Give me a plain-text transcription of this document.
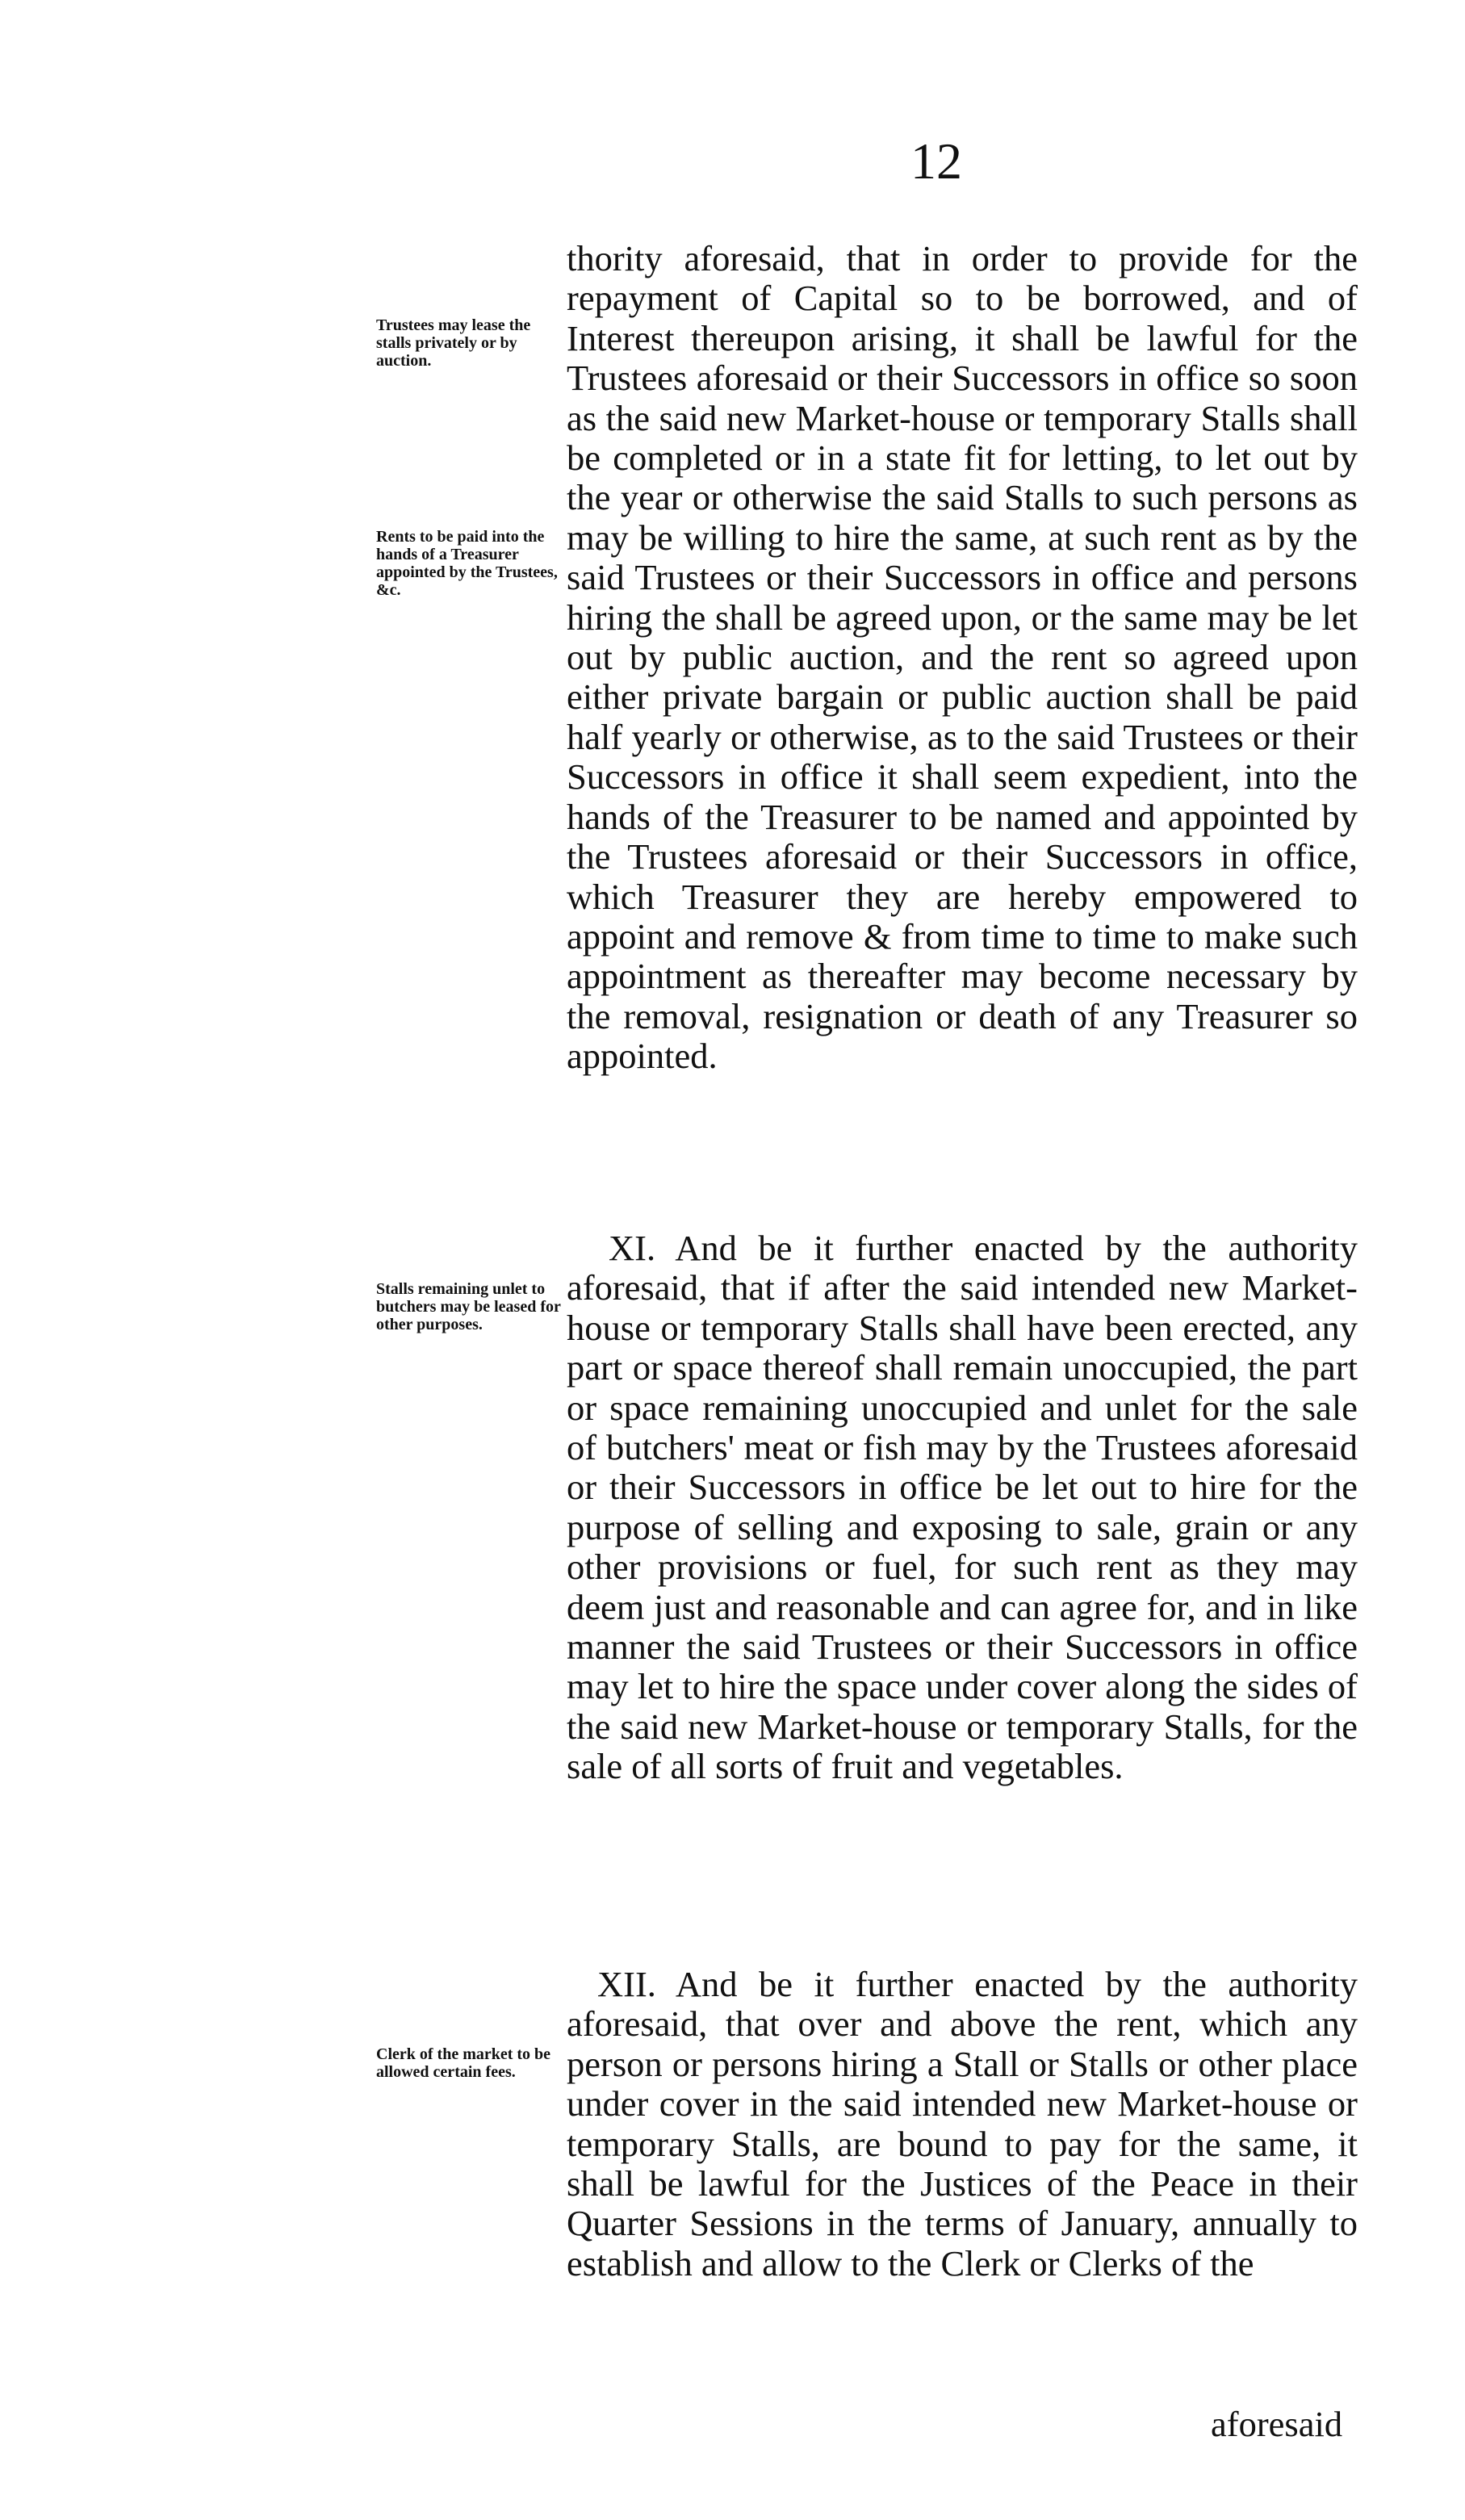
12

Trustees may lease the stalls privately or by auction.

Rents to be paid into the hands of a Treasurer appointed by the Trustees, &c.

Stalls remaining unlet to butchers may be leased for other purposes.

Clerk of the market to be allowed certain fees.

thority aforesaid, that in order to provide for the repayment of Capital so to be borrowed, and of Interest thereupon arising, it shall be lawful for the Trustees aforesaid or their Successors in office so soon as the said new Market-house or temporary Stalls shall be completed or in a state fit for letting, to let out by the year or otherwise the said Stalls to such persons as may be willing to hire the same, at such rent as by the said Trustees or their Successors in office and persons hiring the shall be agreed upon, or the same may be let out by public auction, and the rent so agreed upon either private bargain or public auction shall be paid half yearly or otherwise, as to the said Trustees or their Successors in office it shall seem expedient, into the hands of the Treasurer to be named and appointed by the Trustees aforesaid or their Successors in office, which Treasurer they are hereby empowered to appoint and remove & from time to time to make such appointment as thereafter may become necessary by the removal, resignation or death of any Treasurer so appointed.

XI. And be it further enacted by the authority aforesaid, that if after the said intended new Market-house or temporary Stalls shall have been erected, any part or space thereof shall remain unoccupied, the part or space remaining unoccupied and unlet for the sale of butchers' meat or fish may by the Trustees aforesaid or their Successors in office be let out to hire for the purpose of selling and exposing to sale, grain or any other provisions or fuel, for such rent as they may deem just and reasonable and can agree for, and in like manner the said Trustees or their Successors in office may let to hire the space under cover along the sides of the said new Market-house or temporary Stalls, for the sale of all sorts of fruit and vegetables.

XII. And be it further enacted by the authority aforesaid, that over and above the rent, which any person or persons hiring a Stall or Stalls or other place under cover in the said intended new Market-house or temporary Stalls, are bound to pay for the same, it shall be lawful for the Justices of the Peace in their Quarter Sessions in the terms of January, annually to establish and allow to the Clerk or Clerks of the

aforesaid
